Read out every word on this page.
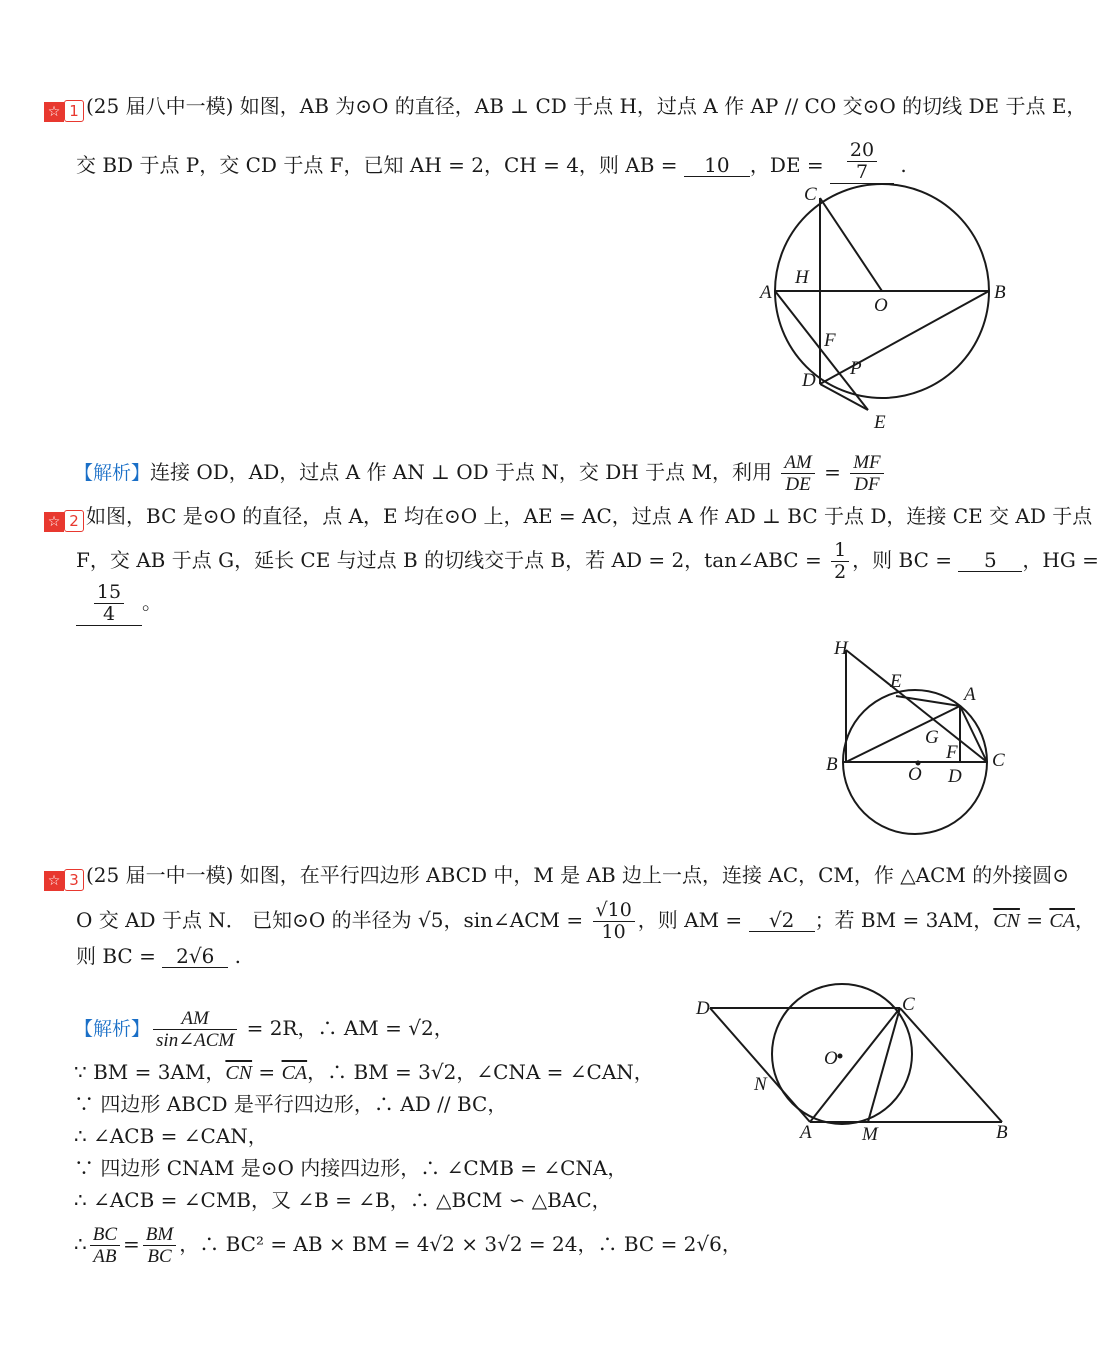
☆ 1 (25 届八中一模) 如图，AB 为⊙O 的直径，AB ⊥ CD 于点 H，过点 A 作 AP // CO 交⊙O 的切线 DE 于点 E，
交 BD 于点 P，交 CD 于点 F，已知 AH = 2，CH = 4，则 AB = 10 ，DE = $\frac{20}{7}$ .
C
H
A
O
B
F
P
D
E
【解析】连接 OD，AD，过点 A 作 AN ⊥ OD 于点 N，交 DH 于点 M，利用 $\frac{AM}{DE} = \frac{MF}{DF}$
☆ 2 如图，BC 是⊙O 的直径，点 A，E 均在⊙O 上，AE = AC，过点 A 作 AD ⊥ BC 于点 D，连接 CE 交 AD 于点
F，交 AB 于点 G，延长 CE 与过点 B 的切线交于点 B，若 AD = 2，tan∠ABC = $\frac{1}{2}$ ，则 BC = 5 ，HG =
$\frac{15}{4}$ 。
H
E
A
G
F
B	O D
C
☆ 3 (25 届一中一模) 如图，在平行四边形 ABCD 中，M 是 AB 边上一点，连接 AC，CM，作 △ACM 的外接圆⊙
O 交 AD 于点 N． 已知⊙O 的半径为 √5，sin∠ACM = $\frac{√10}{10}$ ，则 AM = √2 ；若 BM = 3AM，$\overline{CN} = \overline{CA}$，
则 BC = 2√6 .
【解析】 $\frac{AM}{\text{sin∠ACM}} = 2R$，∴ AM = √2，
∵ BM = 3AM，$\overline{CN} = \overline{CA}$，∴ BM = 3√2，∠CNA = ∠CAN，
∵ 四边形 ABCD 是平行四边形，∴ AD // BC，
∴ ∠ACB = ∠CAN，
∵ 四边形 CNAM 是⊙O 内接四边形，∴ ∠CMB = ∠CNA，
∴ ∠ACB = ∠CMB，又 ∠B = ∠B，∴ △BCM ∽ △BAC，
∴ $\frac{BC}{AB} = \frac{BM}{BC}$ ，∴ BC² = AB × BM = 4√2 × 3√2 = 24，∴ BC = 2√6，
D	C
O
N
A	M	B
